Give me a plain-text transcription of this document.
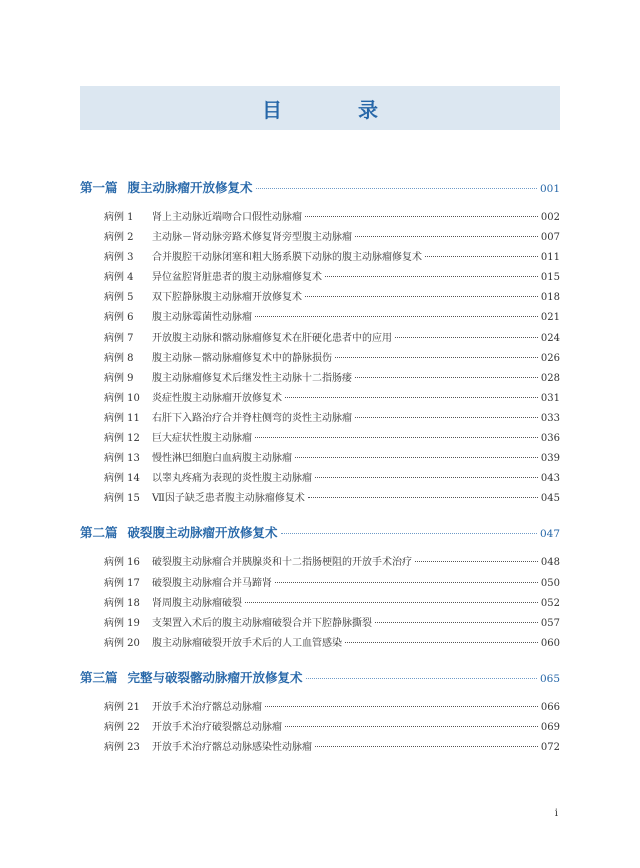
目　录
第一篇 腹主动脉瘤开放修复术	001
病例 1	肾上主动脉近端吻合口假性动脉瘤	002
病例 2	主动脉－肾动脉旁路术修复肾旁型腹主动脉瘤	007
病例 3	合并腹腔干动脉闭塞和粗大肠系膜下动脉的腹主动脉瘤修复术	011
病例 4	异位盆腔肾脏患者的腹主动脉瘤修复术	015
病例 5	双下腔静脉腹主动脉瘤开放修复术	018
病例 6	腹主动脉霉菌性动脉瘤	021
病例 7	开放腹主动脉和髂动脉瘤修复术在肝硬化患者中的应用	024
病例 8	腹主动脉－髂动脉瘤修复术中的静脉损伤	026
病例 9	腹主动脉瘤修复术后继发性主动脉十二指肠瘘	028
病例 10	炎症性腹主动脉瘤开放修复术	031
病例 11	右肝下入路治疗合并脊柱侧弯的炎性主动脉瘤	033
病例 12	巨大症状性腹主动脉瘤	036
病例 13	慢性淋巴细胞白血病腹主动脉瘤	039
病例 14	以睾丸疼痛为表现的炎性腹主动脉瘤	043
病例 15	Ⅶ因子缺乏患者腹主动脉瘤修复术	045
第二篇 破裂腹主动脉瘤开放修复术	047
病例 16	破裂腹主动脉瘤合并胰腺炎和十二指肠梗阻的开放手术治疗	048
病例 17	破裂腹主动脉瘤合并马蹄肾	050
病例 18	肾周腹主动脉瘤破裂	052
病例 19	支架置入术后的腹主动脉瘤破裂合并下腔静脉撕裂	057
病例 20	腹主动脉瘤破裂开放手术后的人工血管感染	060
第三篇 完整与破裂髂动脉瘤开放修复术	065
病例 21	开放手术治疗髂总动脉瘤	066
病例 22	开放手术治疗破裂髂总动脉瘤	069
病例 23	开放手术治疗髂总动脉感染性动脉瘤	072
i
